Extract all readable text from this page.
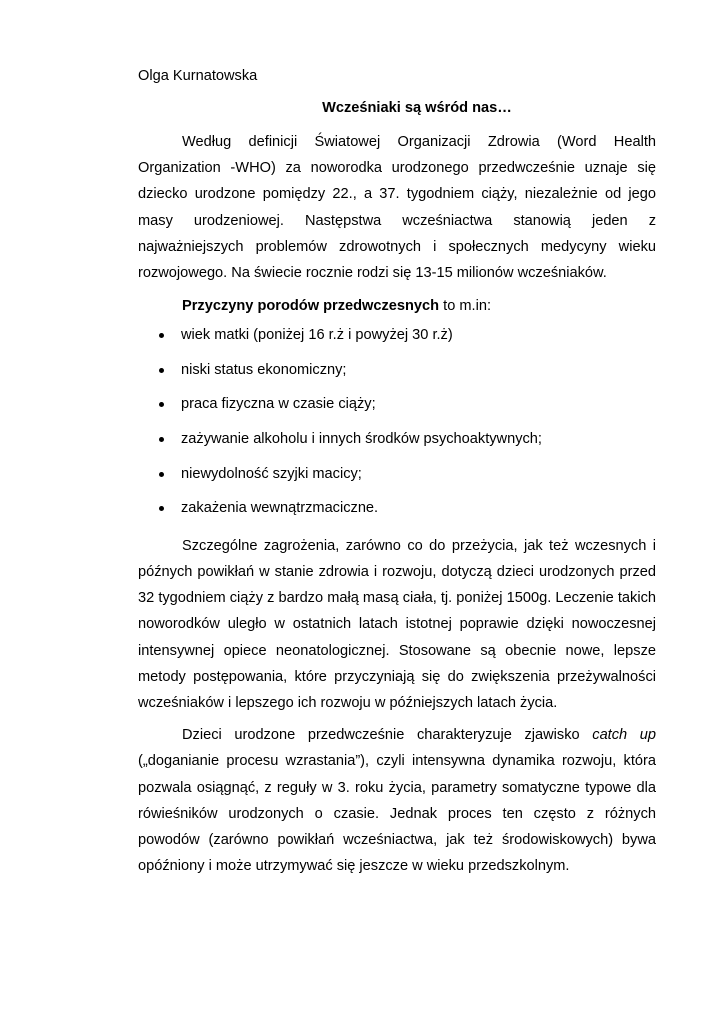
Olga Kurnatowska

Wcześniaki są wśród nas…

Według definicji Światowej Organizacji Zdrowia (Word Health Organization -WHO) za noworodka urodzonego przedwcześnie uznaje się dziecko urodzone pomiędzy 22., a 37. tygodniem ciąży, niezależnie od jego masy urodzeniowej. Następstwa wcześniactwa stanowią jeden z najważniejszych problemów zdrowotnych i społecznych medycyny wieku rozwojowego. Na świecie rocznie rodzi się 13-15 milionów wcześniaków.

Przyczyny porodów przedwczesnych to m.in:

wiek matki (poniżej 16 r.ż i powyżej 30 r.ż)
niski status ekonomiczny;
praca fizyczna w czasie ciąży;
zażywanie alkoholu i innych środków psychoaktywnych;
niewydolność szyjki macicy;
zakażenia wewnątrzmaciczne.

Szczególne zagrożenia, zarówno co do przeżycia, jak też wczesnych i późnych powikłań w stanie zdrowia i rozwoju, dotyczą dzieci urodzonych przed 32 tygodniem ciąży z bardzo małą masą ciała, tj. poniżej 1500g. Leczenie takich noworodków uległo w ostatnich latach istotnej poprawie dzięki nowoczesnej intensywnej opiece neonatologicznej. Stosowane są obecnie nowe, lepsze metody postępowania, które przyczyniają się do zwiększenia przeżywalności wcześniaków i lepszego ich rozwoju w późniejszych latach życia.

Dzieci urodzone przedwcześnie charakteryzuje zjawisko catch up („doganianie procesu wzrastania”), czyli intensywna dynamika rozwoju, która pozwala osiągnąć, z reguły w 3. roku życia, parametry somatyczne typowe dla rówieśników urodzonych o czasie. Jednak proces ten często z różnych powodów (zarówno powikłań wcześniactwa, jak też środowiskowych) bywa opóźniony i może utrzymywać się jeszcze w wieku przedszkolnym.
